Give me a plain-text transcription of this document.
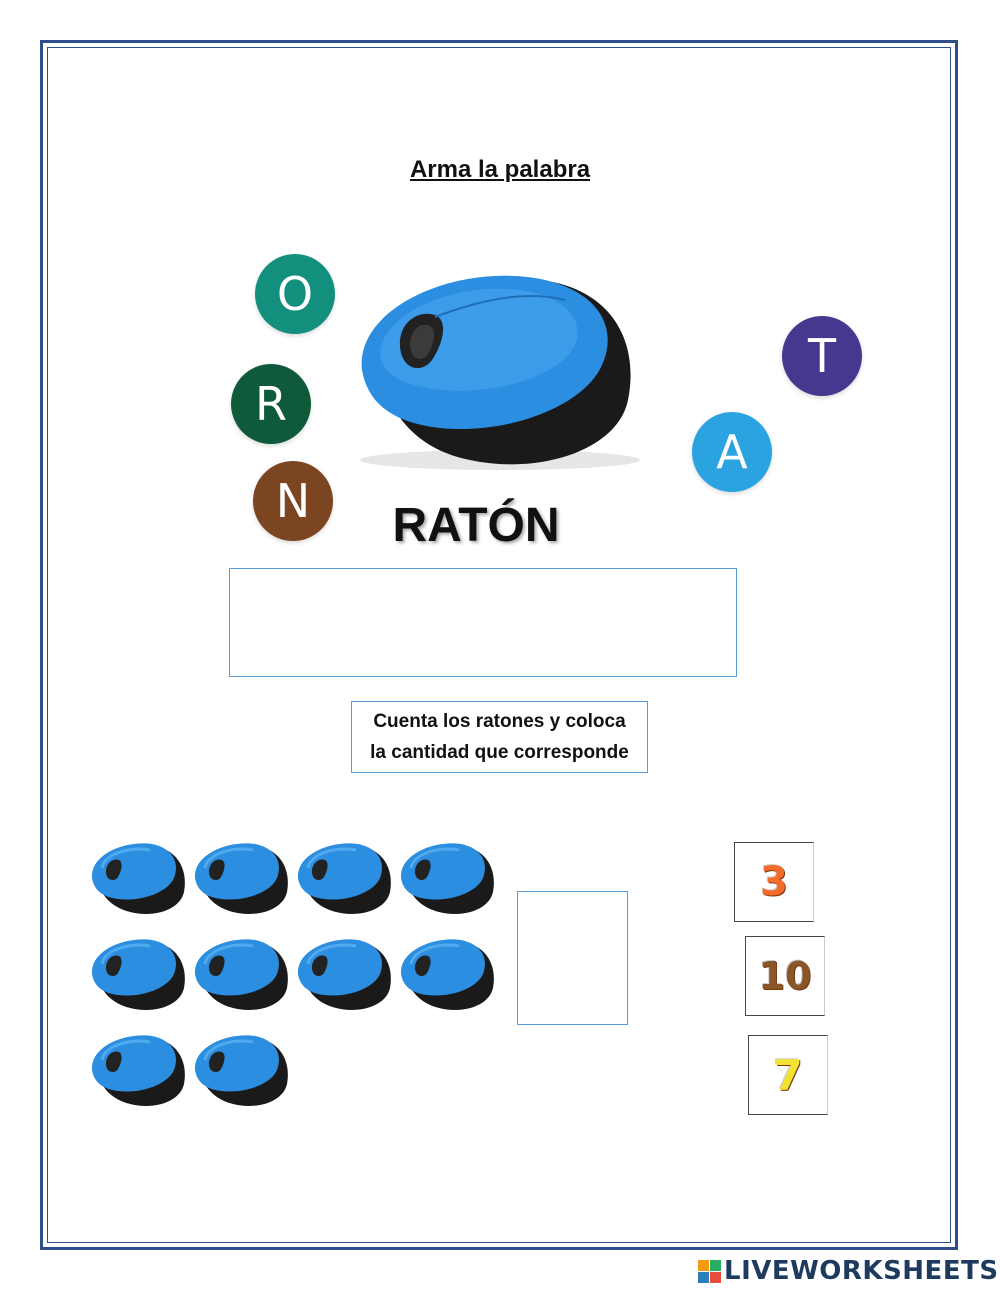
Arma la palabra
O
R
N
T
A
RATÓN
Cuenta los ratones y coloca
la cantidad que corresponde
3
10
7
LIVEWORKSHEETS
